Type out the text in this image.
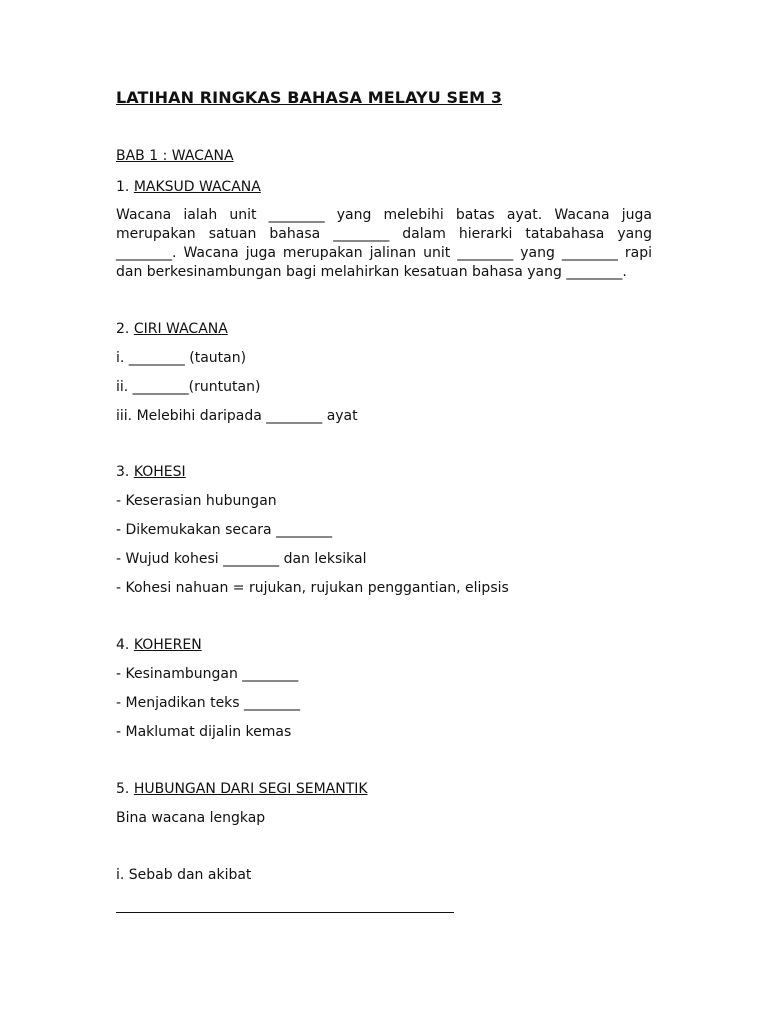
LATIHAN RINGKAS BAHASA MELAYU SEM 3
BAB 1 : WACANA
1. MAKSUD WACANA
Wacana ialah unit ________ yang melebihi batas ayat. Wacana juga merupakan satuan bahasa ________ dalam hierarki tatabahasa yang ________. Wacana juga merupakan jalinan unit ________ yang ________ rapi dan berkesinambungan bagi melahirkan kesatuan bahasa yang ________.
2. CIRI WACANA
i. ________ (tautan)
ii. ________(runtutan)
iii. Melebihi daripada ________ ayat
3. KOHESI
- Keserasian hubungan
- Dikemukakan secara ________
- Wujud kohesi ________ dan leksikal
- Kohesi nahuan = rujukan, rujukan penggantian, elipsis
4. KOHEREN
- Kesinambungan ________
- Menjadikan teks ________
- Maklumat dijalin kemas
5. HUBUNGAN DARI SEGI SEMANTIK
Bina wacana lengkap
i. Sebab dan akibat
